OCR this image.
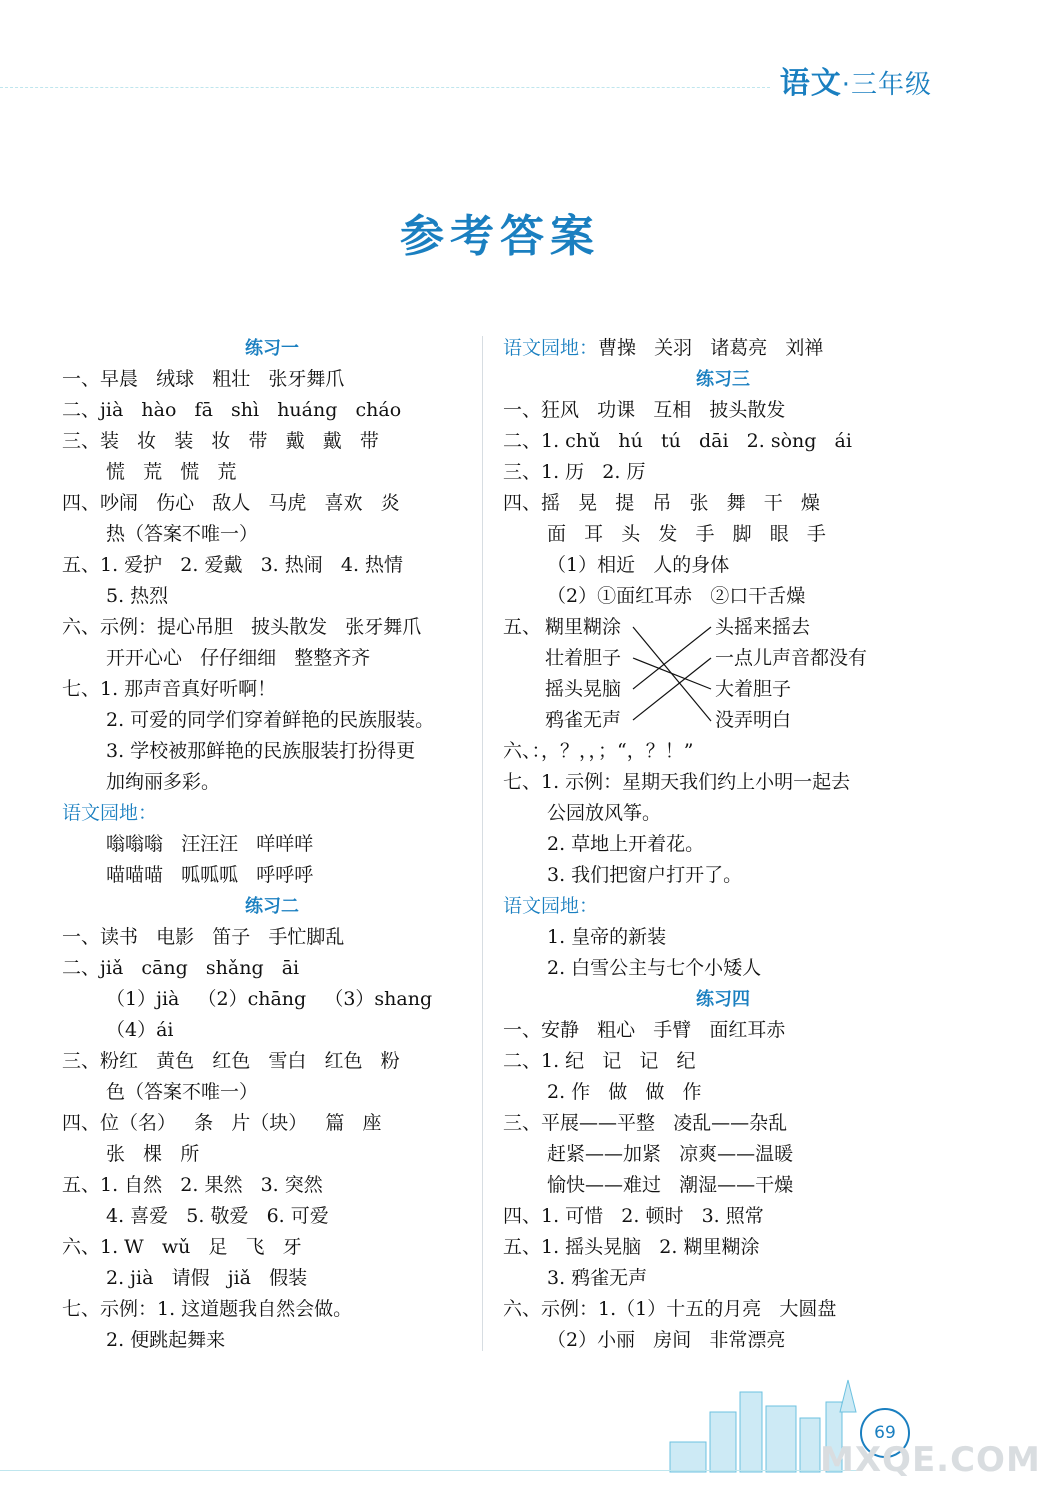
语文·三年级
参考答案
练习一
一、早晨   绒球   粗壮   张牙舞爪
二、jià   hào   fā   shì   huáng   cháo
三、装   妆   装   妆   带   戴   戴   带
慌   荒   慌   荒
四、吵闹   伤心   敌人   马虎   喜欢   炎
热（答案不唯一）
五、1. 爱护   2. 爱戴   3. 热闹   4. 热情
5. 热烈
六、示例：提心吊胆   披头散发   张牙舞爪
开开心心   仔仔细细   整整齐齐
七、1. 那声音真好听啊！
2. 可爱的同学们穿着鲜艳的民族服装。
3. 学校被那鲜艳的民族服装打扮得更
加绚丽多彩。
语文园地：
嗡嗡嗡   汪汪汪   咩咩咩
喵喵喵   呱呱呱   呼呼呼
练习二
一、读书   电影   笛子   手忙脚乱
二、jiǎ   cāng   shǎng   āi
（1）jià   （2）chāng   （3）shang
（4）ái
三、粉红   黄色   红色   雪白   红色   粉
色（答案不唯一）
四、位（名）   条   片（块）   篇   座
张   棵   所
五、1. 自然   2. 果然   3. 突然
4. 喜爱   5. 敬爱   6. 可爱
六、1. W   wǔ   足   飞   牙
2. jià   请假   jiǎ   假装
七、示例：1. 这道题我自然会做。
2. 便跳起舞来
语文园地：曹操   关羽   诸葛亮   刘禅
练习三
一、狂风   功课   互相   披头散发
二、1. chǔ   hú   tú   dāi   2. sòng   ái
三、1. 历   2. 厉
四、摇   晃   提   吊   张   舞   干   燥
面   耳   头   发   手   脚   眼   手
（1）相近   人的身体
（2）①面红耳赤   ②口干舌燥
五、 糊里糊涂
壮着胆子
摇头晃脑
鸦雀无声
头摇来摇去
一点儿声音都没有
大着胆子
没弄明白
六、：，？，，；“，？！”
七、1. 示例：星期天我们约上小明一起去
公园放风筝。
2. 草地上开着花。
3. 我们把窗户打开了。
语文园地：
1. 皇帝的新装
2. 白雪公主与七个小矮人
练习四
一、安静   粗心   手臂   面红耳赤
二、1. 纪   记   记   纪
2. 作   做   做   作
三、平展——平整   凌乱——杂乱
赶紧——加紧   凉爽——温暖
愉快——难过   潮湿——干燥
四、1. 可惜   2. 顿时   3. 照常
五、1. 摇头晃脑   2. 糊里糊涂
3. 鸦雀无声
六、示例：1.（1）十五的月亮   大圆盘
（2）小丽   房间   非常漂亮
69
MXQE.COM
